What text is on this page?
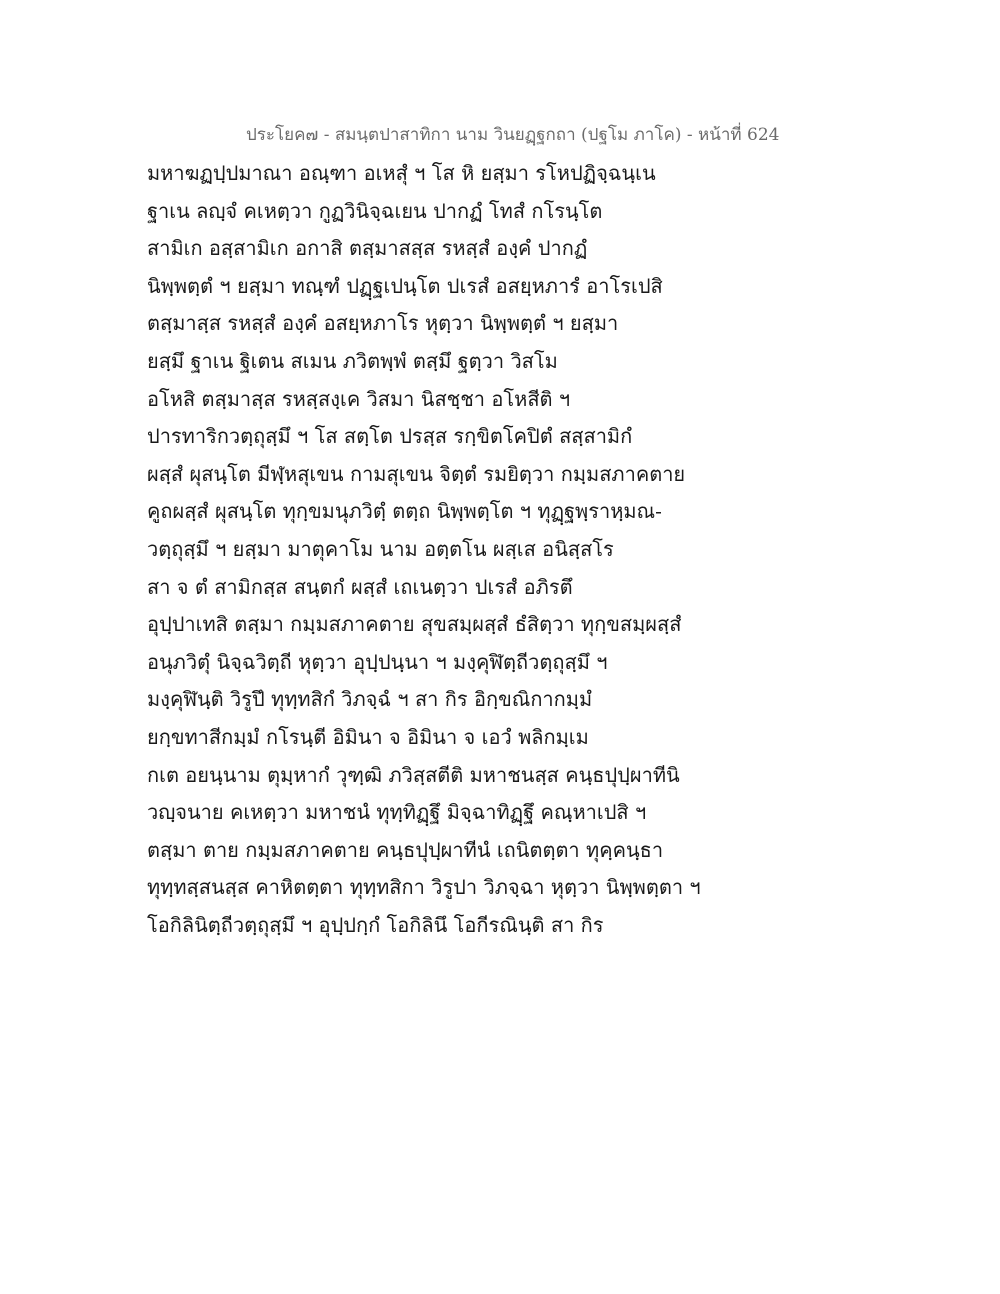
ประโยค๗ - สมนฺตปาสาทิกา นาม วินยฏฺฐกถา (ปฐโม ภาโค) - หน้าที่ 624
มหาฆฏปฺปมาณา อณฺฑา อเหสุํ ฯ โส หิ ยสฺมา รโหปฏิจฺฉนฺเน
ฐาเน ลญฺจํ คเหตฺวา กูฏวินิจฺฉเยน ปากฏํ โทสํ กโรนฺโต
สามิเก อสฺสามิเก อกาสิ ตสฺมาสสฺส รหสฺสํ องฺคํ ปากฏํ
นิพฺพตฺตํ ฯ ยสฺมา ทณฺฑํ ปฏฺฐเปนฺโต ปเรสํ อสยฺหภารํ อาโรเปสิ
ตสฺมาสฺส รหสฺสํ องฺคํ อสยฺหภาโร หุตฺวา นิพฺพตฺตํ ฯ ยสฺมา
ยสฺมึ ฐาเน ฐิเตน สเมน ภวิตพฺพํ ตสฺมึ ฐตฺวา วิสโม
อโหสิ ตสฺมาสฺส รหสฺสงฺเค วิสมา นิสชฺชา อโหสีติ ฯ
ปารทาริกวตฺถุสฺมึ ฯ โส สตฺโต ปรสฺส รกฺขิตโคปิตํ สสฺสามิกํ
ผสฺสํ ผุสนฺโต มีฬฺหสุเขน กามสุเขน จิตฺตํ รมยิตฺวา กมฺมสภาคตาย
คูถผสฺสํ ผุสนฺโต ทุกฺขมนุภวิตฺํ ตตฺถ นิพฺพตฺโต ฯ ทุฏฺฐพฺราหฺมณ-
วตฺถุสฺมึ ฯ ยสฺมา มาตุคาโม นาม อตฺตโน ผสฺเส อนิสฺสโร
สา จ ตํ สามิกสฺส สนฺตกํ ผสฺสํ เถเนตฺวา ปเรสํ อภิรตึ
อุปฺปาเทสิ ตสฺมา กมฺมสภาคตาย สุขสมฺผสฺสํ ธํสิตฺวา ทุกฺขสมฺผสฺสํ
อนุภวิตุํ นิจฺฉวิตฺถี หุตฺวา อุปฺปนฺนา ฯ มงฺคุฬิตฺถีวตฺถุสฺมึ ฯ
มงฺคุฬินฺติ วิรูปึ ทุทฺทสิกํ วิภจฺฉํ ฯ สา กิร อิกฺขณิกากมฺมํ
ยกฺขทาสีกมฺมํ กโรนฺตี อิมินา จ อิมินา จ เอวํ พลิกมฺเม
กเต อยนฺนาม ตุมฺหากํ วุฑฺฒิ ภวิสฺสตีติ มหาชนสฺส คนฺธปุปฺผาทีนิ
วญฺจนาย คเหตฺวา มหาชนํ ทุทฺทิฏฺฐึ มิจฺฉาทิฏฺฐึ คณฺหาเปสิ ฯ
ตสฺมา ตาย กมฺมสภาคตาย คนฺธปุปฺผาทีนํ เถนิตตฺตา ทุคฺคนฺธา
ทุทฺทสฺสนสฺส คาหิตตฺตา ทุทฺทสิกา วิรูปา วิภจฺฉา หุตฺวา นิพฺพตฺตา ฯ
โอกิลินิตฺถีวตฺถุสฺมึ ฯ อุปฺปกฺกํ โอกิลินึ โอกีรณินฺติ สา กิร
